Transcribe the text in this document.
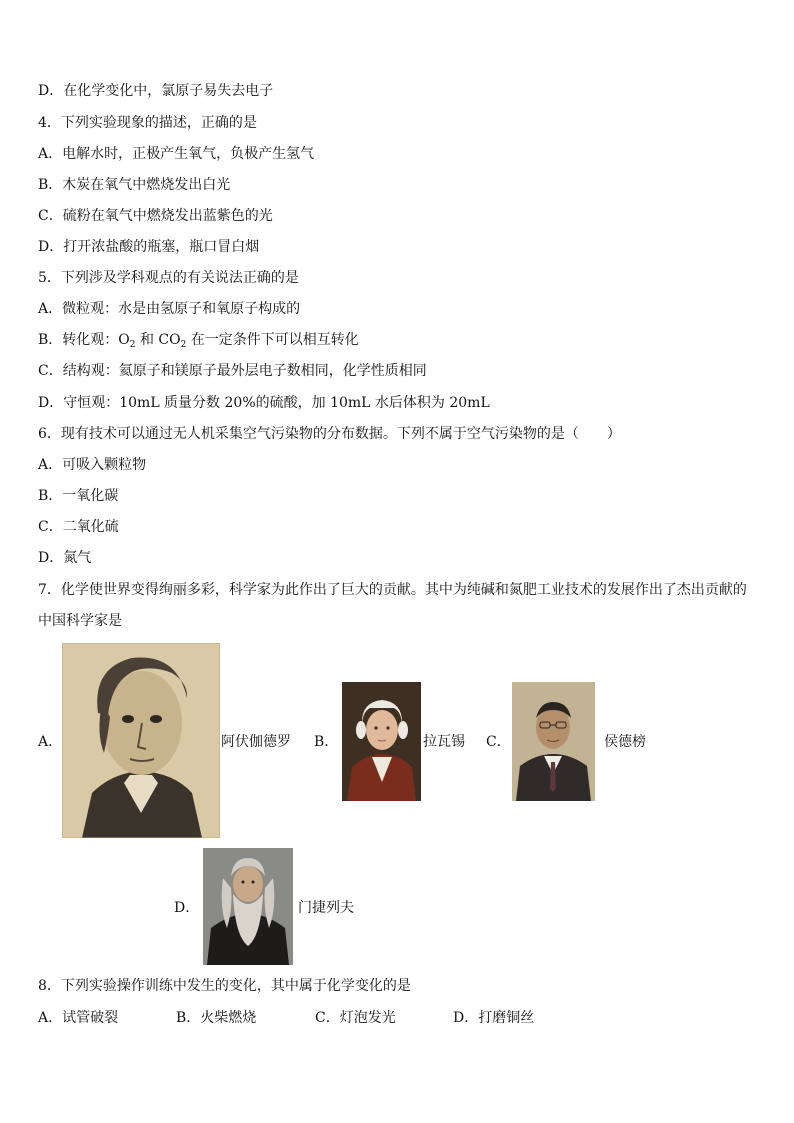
D．在化学变化中，氯原子易失去电子
4．下列实验现象的描述，正确的是
A．电解水时，正极产生氧气，负极产生氢气
B．木炭在氧气中燃烧发出白光
C．硫粉在氧气中燃烧发出蓝紫色的光
D．打开浓盐酸的瓶塞，瓶口冒白烟
5．下列涉及学科观点的有关说法正确的是
A．微粒观：水是由氢原子和氧原子构成的
B．转化观：$O_2$ 和 $CO_2$ 在一定条件下可以相互转化
C．结构观：氦原子和镁原子最外层电子数相同，化学性质相同
D．守恒观：10mL 质量分数 20%的硫酸，加 10mL 水后体积为 20mL
6．现有技术可以通过无人机采集空气污染物的分布数据。下列不属于空气污染物的是（　　）
A．可吸入颗粒物
B．一氧化碳
C．二氧化硫
D．氮气
7．化学使世界变得绚丽多彩，科学家为此作出了巨大的贡献。其中为纯碱和氮肥工业技术的发展作出了杰出贡献的中国科学家是
A．	阿伏伽德罗 B．	拉瓦锡 C．	侯德榜
D．	门捷列夫
8．下列实验操作训练中发生的变化，其中属于化学变化的是
A．试管破裂	B．火柴燃烧	C．灯泡发光	D．打磨铜丝
